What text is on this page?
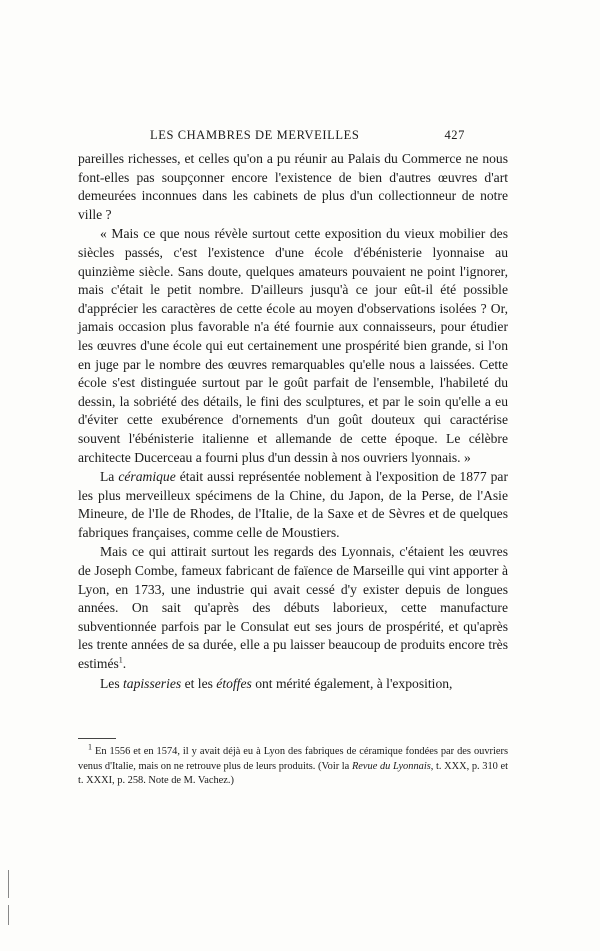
LES CHAMBRES DE MERVEILLES	427

pareilles richesses, et celles qu'on a pu réunir au Palais du Commerce ne nous font-elles pas soupçonner encore l'existence de bien d'autres œuvres d'art demeurées inconnues dans les cabinets de plus d'un collectionneur de notre ville ?

« Mais ce que nous révèle surtout cette exposition du vieux mobilier des siècles passés, c'est l'existence d'une école d'ébénisterie lyonnaise au quinzième siècle. Sans doute, quelques amateurs pouvaient ne point l'ignorer, mais c'était le petit nombre. D'ailleurs jusqu'à ce jour eût-il été possible d'apprécier les caractères de cette école au moyen d'observations isolées ? Or, jamais occasion plus favorable n'a été fournie aux connaisseurs, pour étudier les œuvres d'une école qui eut certainement une prospérité bien grande, si l'on en juge par le nombre des œuvres remarquables qu'elle nous a laissées. Cette école s'est distinguée surtout par le goût parfait de l'ensemble, l'habileté du dessin, la sobriété des détails, le fini des sculptures, et par le soin qu'elle a eu d'éviter cette exubérence d'ornements d'un goût douteux qui caractérise souvent l'ébénisterie italienne et allemande de cette époque. Le célèbre architecte Ducerceau a fourni plus d'un dessin à nos ouvriers lyonnais. »

La céramique était aussi représentée noblement à l'exposition de 1877 par les plus merveilleux spécimens de la Chine, du Japon, de la Perse, de l'Asie Mineure, de l'Ile de Rhodes, de l'Italie, de la Saxe et de Sèvres et de quelques fabriques françaises, comme celle de Moustiers.

Mais ce qui attirait surtout les regards des Lyonnais, c'étaient les œuvres de Joseph Combe, fameux fabricant de faïence de Marseille qui vint apporter à Lyon, en 1733, une industrie qui avait cessé d'y exister depuis de longues années. On sait qu'après des débuts laborieux, cette manufacture subventionnée parfois par le Consulat eut ses jours de prospérité, et qu'après les trente années de sa durée, elle a pu laisser beaucoup de produits encore très estimés$^1$.

Les tapisseries et les étoffes ont mérité également, à l'exposition,

$^1$ En 1556 et en 1574, il y avait déjà eu à Lyon des fabriques de céramique fondées par des ouvriers venus d'Italie, mais on ne retrouve plus de leurs produits. (Voir la Revue du Lyonnais, t. XXX, p. 310 et t. XXXI, p. 258. Note de M. Vachez.)
